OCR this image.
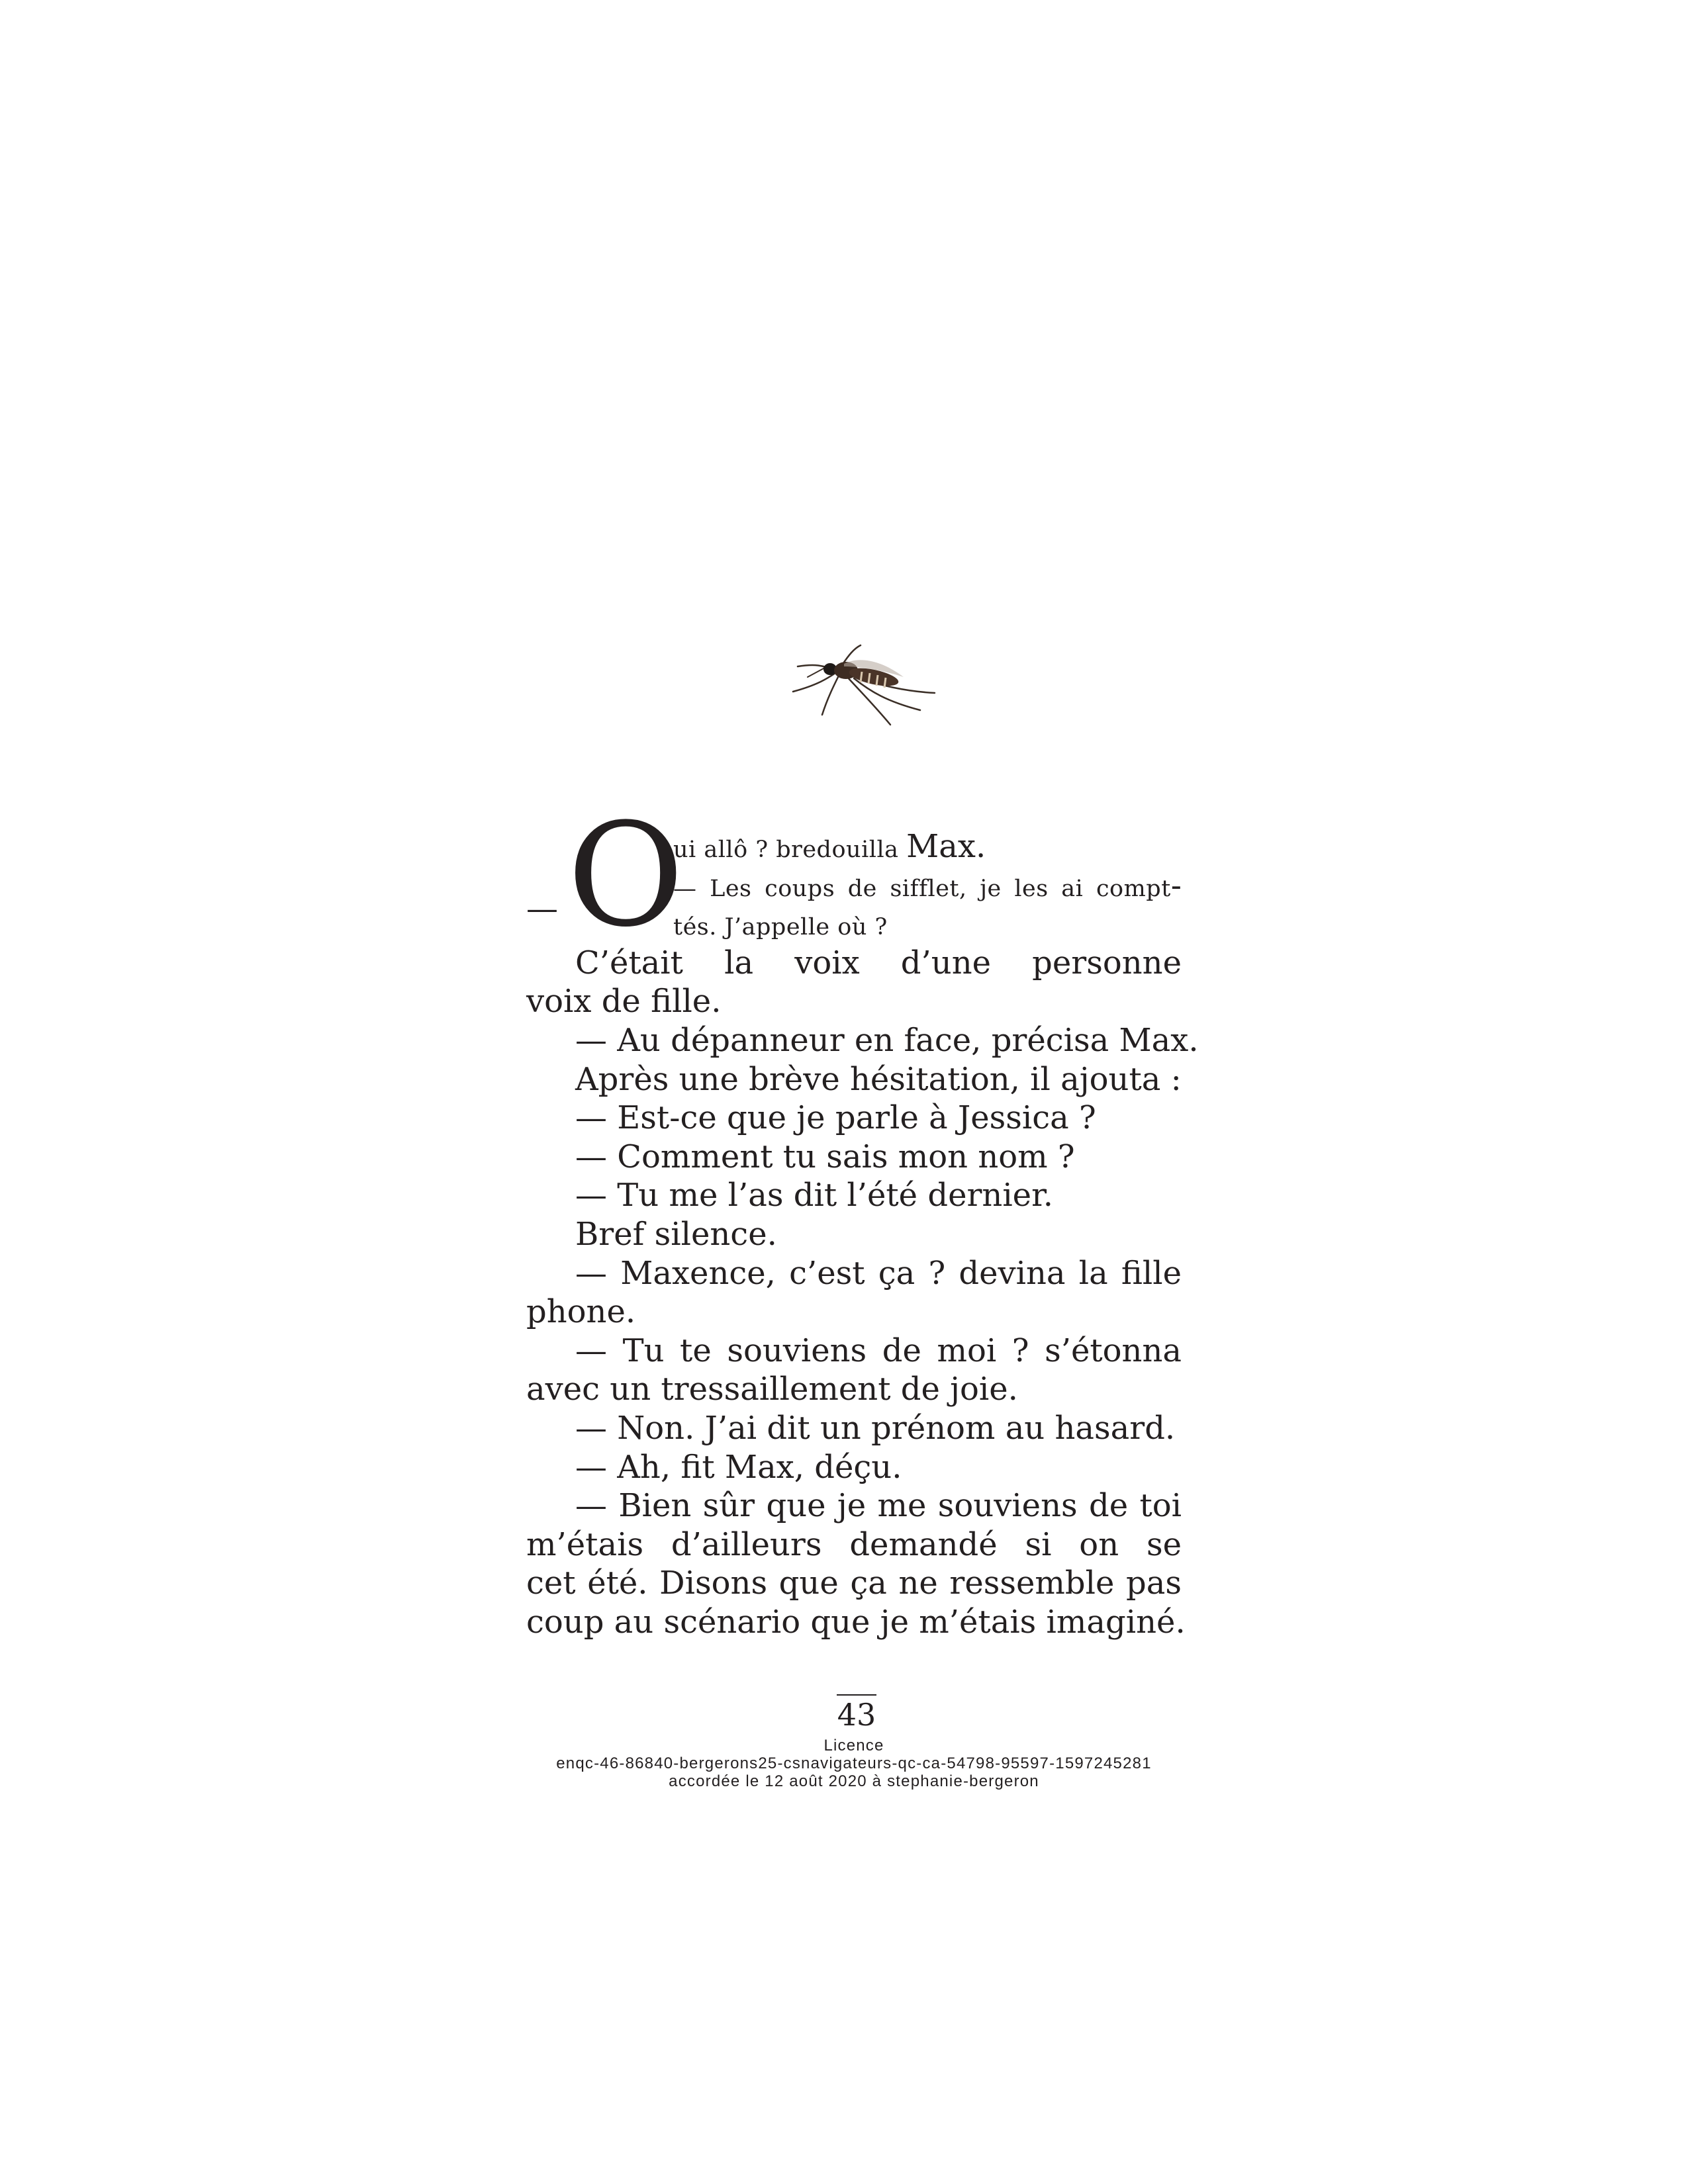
— O
ui allô ? bredouilla Max.
— Les coups de sifflet, je les ai compt-
tés. J’appelle où ?
C’était la voix d’une personne
voix de fille.
— Au dépanneur en face, précisa Max.
Après une brève hésitation, il ajouta :
— Est-ce que je parle à Jessica ?
— Comment tu sais mon nom ?
— Tu me l’as dit l’été dernier.
Bref silence.
— Maxence, c’est ça ? devina la fille
phone.
— Tu te souviens de moi ? s’étonna
avec un tressaillement de joie.
— Non. J’ai dit un prénom au hasard.
— Ah, fit Max, déçu.
— Bien sûr que je me souviens de toi
m’étais d’ailleurs demandé si on se
cet été. Disons que ça ne ressemble pas
coup au scénario que je m’étais imaginé.
43
Licence
enqc-46-86840-bergerons25-csnavigateurs-qc-ca-54798-95597-1597245281
accordée le 12 août 2020 à stephanie-bergeron
